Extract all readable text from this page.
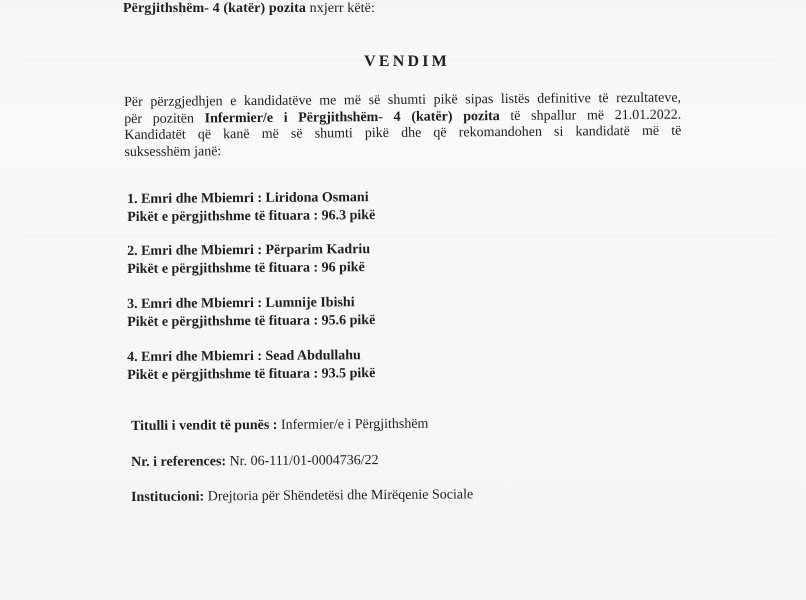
Përgjithshëm- 4 (katër) pozita nxjerr këtë:
VENDIM
Për përzgjedhjen e kandidatëve me më së shumti pikë sipas listës definitive të rezultateve,
për pozitën Infermier/e i Përgjithshëm- 4 (katër) pozita të shpallur më 21.01.2022.
Kandidatët që kanë më së shumti pikë dhe që rekomandohen si kandidatë më të
suksesshëm janë:
1. Emri dhe Mbiemri : Liridona Osmani
Pikët e përgjithshme të fituara : 96.3 pikë
2. Emri dhe Mbiemri : Përparim Kadriu
Pikët e përgjithshme të fituara : 96 pikë
3. Emri dhe Mbiemri : Lumnije Ibishi
Pikët e përgjithshme të fituara : 95.6 pikë
4. Emri dhe Mbiemri : Sead Abdullahu
Pikët e përgjithshme të fituara : 93.5 pikë
Titulli i vendit të punës : Infermier/e i Përgjithshëm
Nr. i references: Nr. 06-111/01-0004736/22
Institucioni: Drejtoria për Shëndetësi dhe Mirëqenie Sociale
